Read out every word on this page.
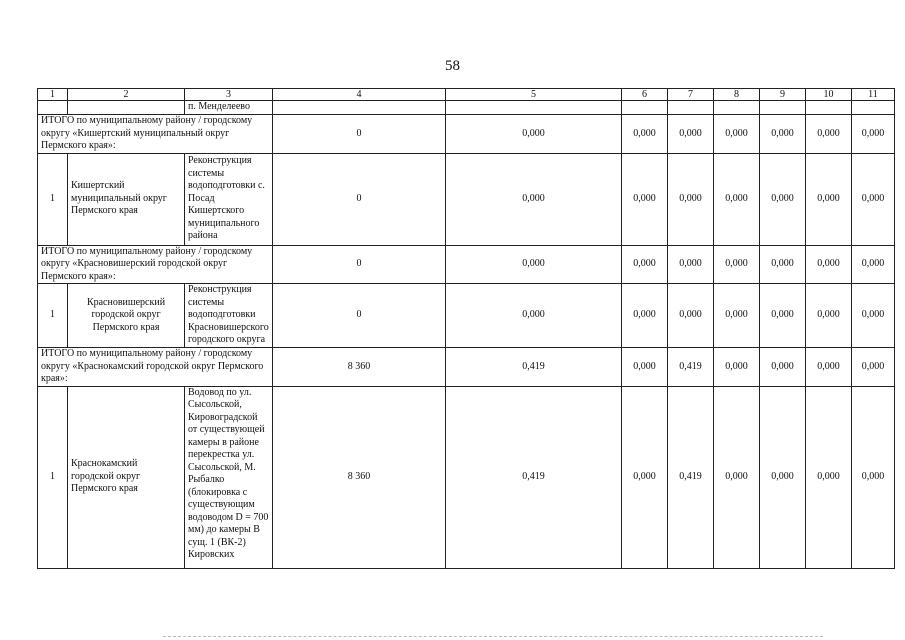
58
1	2	3	4	5	6	7	8	9	10	11
		п. Менделеево								
ИТОГО по муниципальному району / городскому округу «Кишертский муниципальный округ Пермского края»:			0	0,000	0,000	0,000	0,000	0,000	0,000	0,000
1	Кишертский муниципальный округ Пермского края	Реконструкция системы водоподготовки с. Посад Кишертского муниципального района	0	0,000	0,000	0,000	0,000	0,000	0,000	0,000
ИТОГО по муниципальному району / городскому округу «Красновишерский городской округ Пермского края»:			0	0,000	0,000	0,000	0,000	0,000	0,000	0,000
1	Красновишерский городской округ Пермского края	Реконструкция системы водоподготовки Красновишерского городского округа	0	0,000	0,000	0,000	0,000	0,000	0,000	0,000
ИТОГО по муниципальному району / городскому округу «Краснокамский городской округ Пермского края»:			8 360	0,419	0,000	0,419	0,000	0,000	0,000	0,000
1	Краснокамский городской округ Пермского края	Водовод по ул. Сысольской, Кировоградской от существующей камеры в районе перекрестка ул. Сысольской, М. Рыбалко (блокировка с существующим водоводом D = 700 мм) до камеры В сущ. 1 (ВК-2) Кировских	8 360	0,419	0,000	0,419	0,000	0,000	0,000	0,000
